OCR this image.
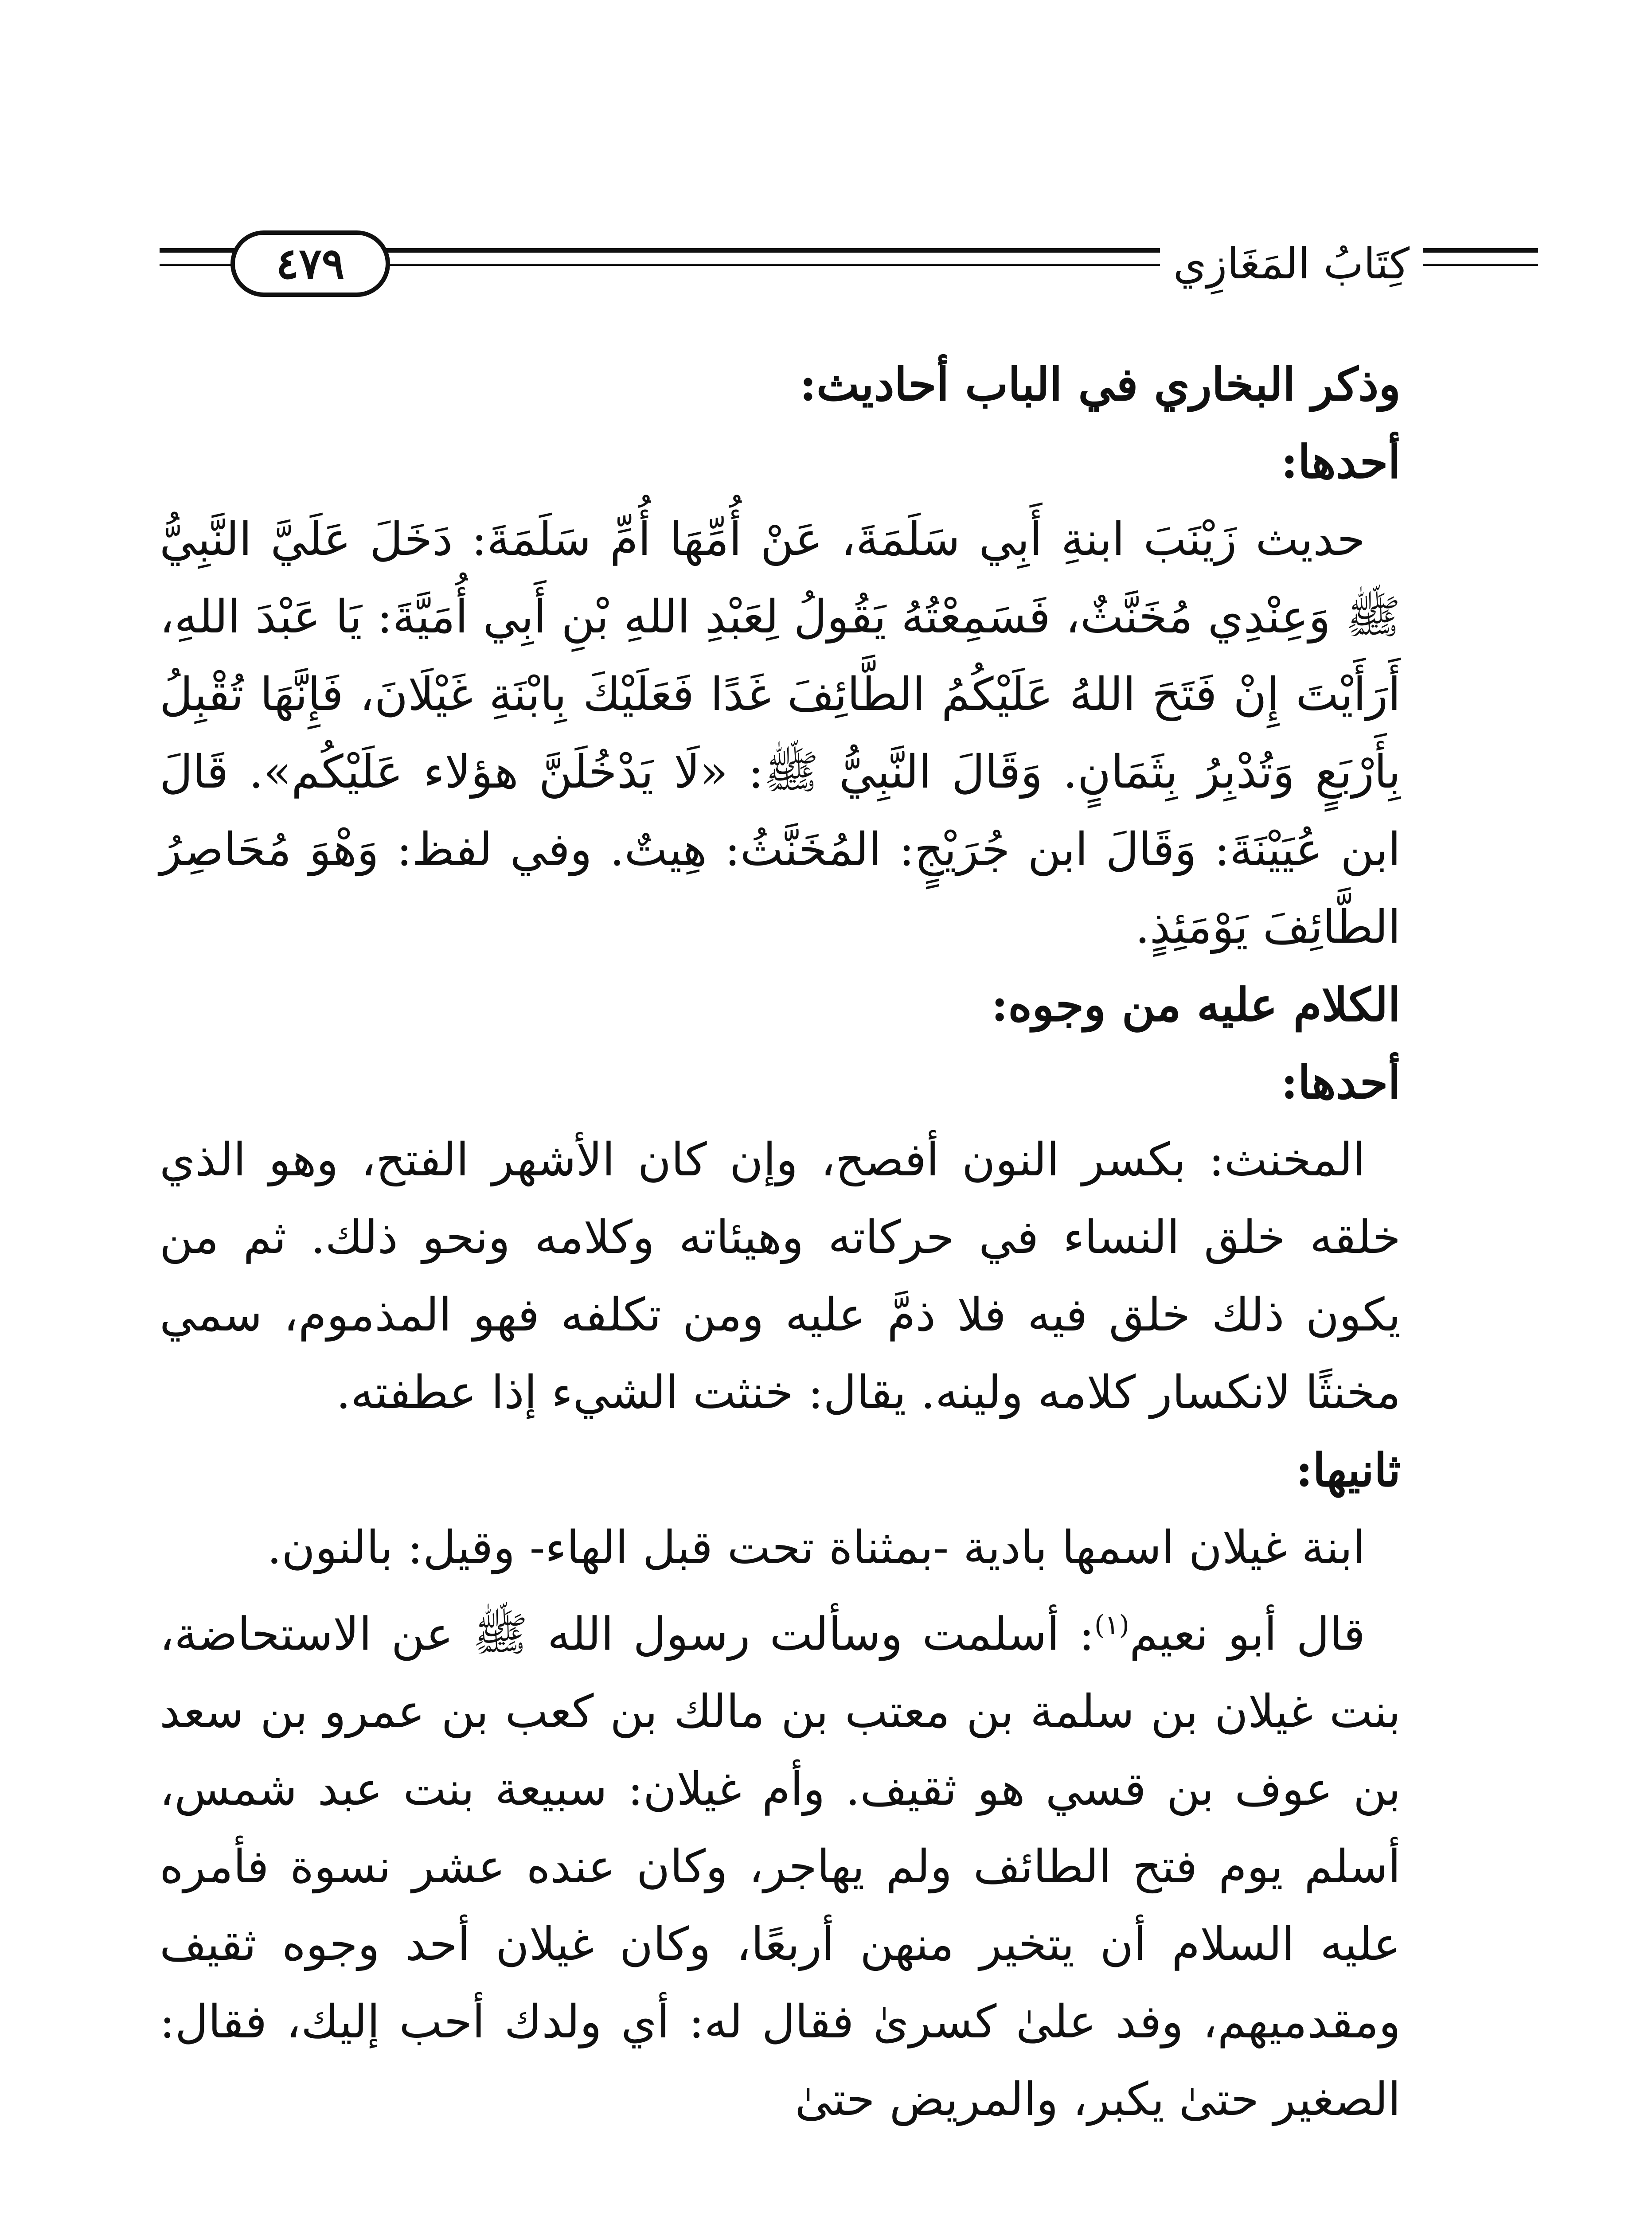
كِتَابُ المَغَازِي
٤٧٩

وذكر البخاري في الباب أحاديث:

أحدها:

حديث زَيْنَبَ ابنةِ أَبِي سَلَمَةَ، عَنْ أُمِّهَا أُمِّ سَلَمَةَ: دَخَلَ عَلَيَّ النَّبِيُّ ﷺ وَعِنْدِي مُخَنَّثٌ، فَسَمِعْتُهُ يَقُولُ لِعَبْدِ اللهِ بْنِ أَبِي أُمَيَّةَ: يَا عَبْدَ اللهِ، أَرَأَيْتَ إِنْ فَتَحَ اللهُ عَلَيْكُمُ الطَّائِفَ غَدًا فَعَلَيْكَ بِابْنَةِ غَيْلَانَ، فَإِنَّهَا تُقْبِلُ بِأَرْبَعٍ وَتُدْبِرُ بِثَمَانٍ. وَقَالَ النَّبِيُّ ﷺ: «لَا يَدْخُلَنَّ هؤلاء عَلَيْكُم». قَالَ ابن عُيَيْنَةَ: وَقَالَ ابن جُرَيْجٍ: المُخَنَّثُ: هِيتٌ. وفي لفظ: وَهْوَ مُحَاصِرُ الطَّائِفَ يَوْمَئِذٍ.

الكلام عليه من وجوه:

أحدها:

المخنث: بكسر النون أفصح، وإن كان الأشهر الفتح، وهو الذي خلقه خلق النساء في حركاته وهيئاته وكلامه ونحو ذلك. ثم من يكون ذلك خلق فيه فلا ذمَّ عليه ومن تكلفه فهو المذموم، سمي مخنثًا لانكسار كلامه ولينه. يقال: خنثت الشيء إذا عطفته.

ثانيها:

ابنة غيلان اسمها بادية -بمثناة تحت قبل الهاء- وقيل: بالنون.

قال أبو نعيم$^{(١)}$: أسلمت وسألت رسول الله ﷺ عن الاستحاضة، بنت غيلان بن سلمة بن معتب بن مالك بن كعب بن عمرو بن سعد بن عوف بن قسي هو ثقيف. وأم غيلان: سبيعة بنت عبد شمس، أسلم يوم فتح الطائف ولم يهاجر، وكان عنده عشر نسوة فأمره عليه السلام أن يتخير منهن أربعًا، وكان غيلان أحد وجوه ثقيف ومقدميهم، وفد علىٰ كسرىٰ فقال له: أي ولدك أحب إليك، فقال: الصغير حتىٰ يكبر، والمريض حتىٰ
